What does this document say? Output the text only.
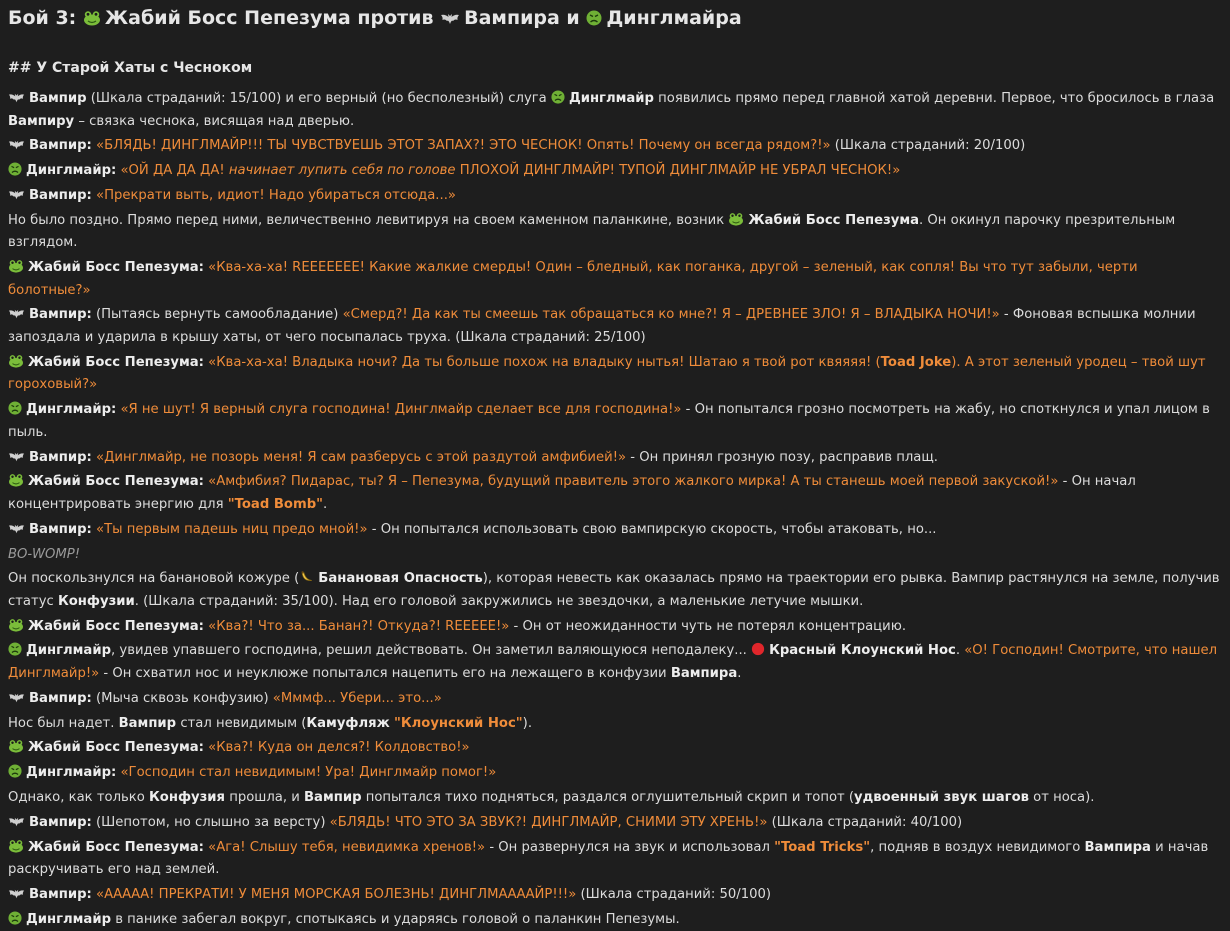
Бой 3:
Жабий Босс Пепезума против
Вампира и
Динглмайра
## У Старой Хаты с Чесноком
Вампир (Шкала страданий: 15/100) и его верный (но бесполезный) слуга
Динглмайр появились прямо перед главной хатой деревни. Первое, что бросилось в глаза Вампиру – связка чеснока, висящая над дверью.
Вампир: «БЛЯДЬ! ДИНГЛМАЙР!!! ТЫ ЧУВСТВУЕШЬ ЭТОТ ЗАПАХ?! ЭТО ЧЕСНОК! Опять! Почему он всегда рядом?!» (Шкала страданий: 20/100)
Динглмайр: «ОЙ ДА ДА ДА! начинает лупить себя по голове ПЛОХОЙ ДИНГЛМАЙР! ТУПОЙ ДИНГЛМАЙР НЕ УБРАЛ ЧЕСНОК!»
Вампир: «Прекрати выть, идиот! Надо убираться отсюда...»
Но было поздно. Прямо перед ними, величественно левитируя на своем каменном паланкине, возник
Жабий Босс Пепезума. Он окинул парочку презрительным взглядом.
Жабий Босс Пепезума: «Ква-ха-ха! REEEEEEE! Какие жалкие смерды! Один – бледный, как поганка, другой – зеленый, как сопля! Вы что тут забыли, черти болотные?»
Вампир: (Пытаясь вернуть самообладание) «Смерд?! Да как ты смеешь так обращаться ко мне?! Я – ДРЕВНЕЕ ЗЛО! Я – ВЛАДЫКА НОЧИ!» - Фоновая вспышка молнии запоздала и ударила в крышу хаты, от чего посыпалась труха. (Шкала страданий: 25/100)
Жабий Босс Пепезума: «Ква-ха-ха! Владыка ночи? Да ты больше похож на владыку нытья! Шатаю я твой рот квяяяя! (Toad Joke). А этот зеленый уродец – твой шут гороховый?»
Динглмайр: «Я не шут! Я верный слуга господина! Динглмайр сделает все для господина!» - Он попытался грозно посмотреть на жабу, но споткнулся и упал лицом в пыль.
Вампир: «Динглмайр, не позорь меня! Я сам разберусь с этой раздутой амфибией!» - Он принял грозную позу, расправив плащ.
Жабий Босс Пепезума: «Амфибия? Пидарас, ты? Я – Пепезума, будущий правитель этого жалкого мирка! А ты станешь моей первой закуской!» - Он начал концентрировать энергию для "Toad Bomb".
Вампир: «Ты первым падешь ниц предо мной!» - Он попытался использовать свою вампирскую скорость, чтобы атаковать, но...
BO-WOMP!
Он поскользнулся на банановой кожуре ( Банановая Опасность), которая невесть как оказалась прямо на траектории его рывка. Вампир растянулся на земле, получив статус Конфузии. (Шкала страданий: 35/100). Над его головой закружились не звездочки, а маленькие летучие мышки.
Жабий Босс Пепезума: «Ква?! Что за... Банан?! Откуда?! REEEEE!» - Он от неожиданности чуть не потерял концентрацию.
Динглмайр, увидев упавшего господина, решил действовать. Он заметил валяющуюся неподалеку...
Красный Клоунский Нос. «О! Господин! Смотрите, что нашел Динглмайр!» - Он схватил нос и неуклюже попытался нацепить его на лежащего в конфузии Вампира.
Вампир: (Мыча сквозь конфузию) «Мммф... Убери... это...»
Нос был надет. Вампир стал невидимым (Камуфляж "Клоунский Нос").
Жабий Босс Пепезума: «Ква?! Куда он делся?! Колдовство!»
Динглмайр: «Господин стал невидимым! Ура! Динглмайр помог!»
Однако, как только Конфузия прошла, и Вампир попытался тихо подняться, раздался оглушительный скрип и топот (удвоенный звук шагов от носа).
Вампир: (Шепотом, но слышно за версту) «БЛЯДЬ! ЧТО ЭТО ЗА ЗВУК?! ДИНГЛМАЙР, СНИМИ ЭТУ ХРЕНЬ!» (Шкала страданий: 40/100)
Жабий Босс Пепезума: «Ага! Слышу тебя, невидимка хренов!» - Он развернулся на звук и использовал "Toad Tricks", подняв в воздух невидимого Вампира и начав раскручивать его над землей.
Вампир: «ААААА! ПРЕКРАТИ! У МЕНЯ МОРСКАЯ БОЛЕЗНЬ! ДИНГЛМААААЙР!!!» (Шкала страданий: 50/100)
Динглмайр в панике забегал вокруг, спотыкаясь и ударяясь головой о паланкин Пепезумы.
